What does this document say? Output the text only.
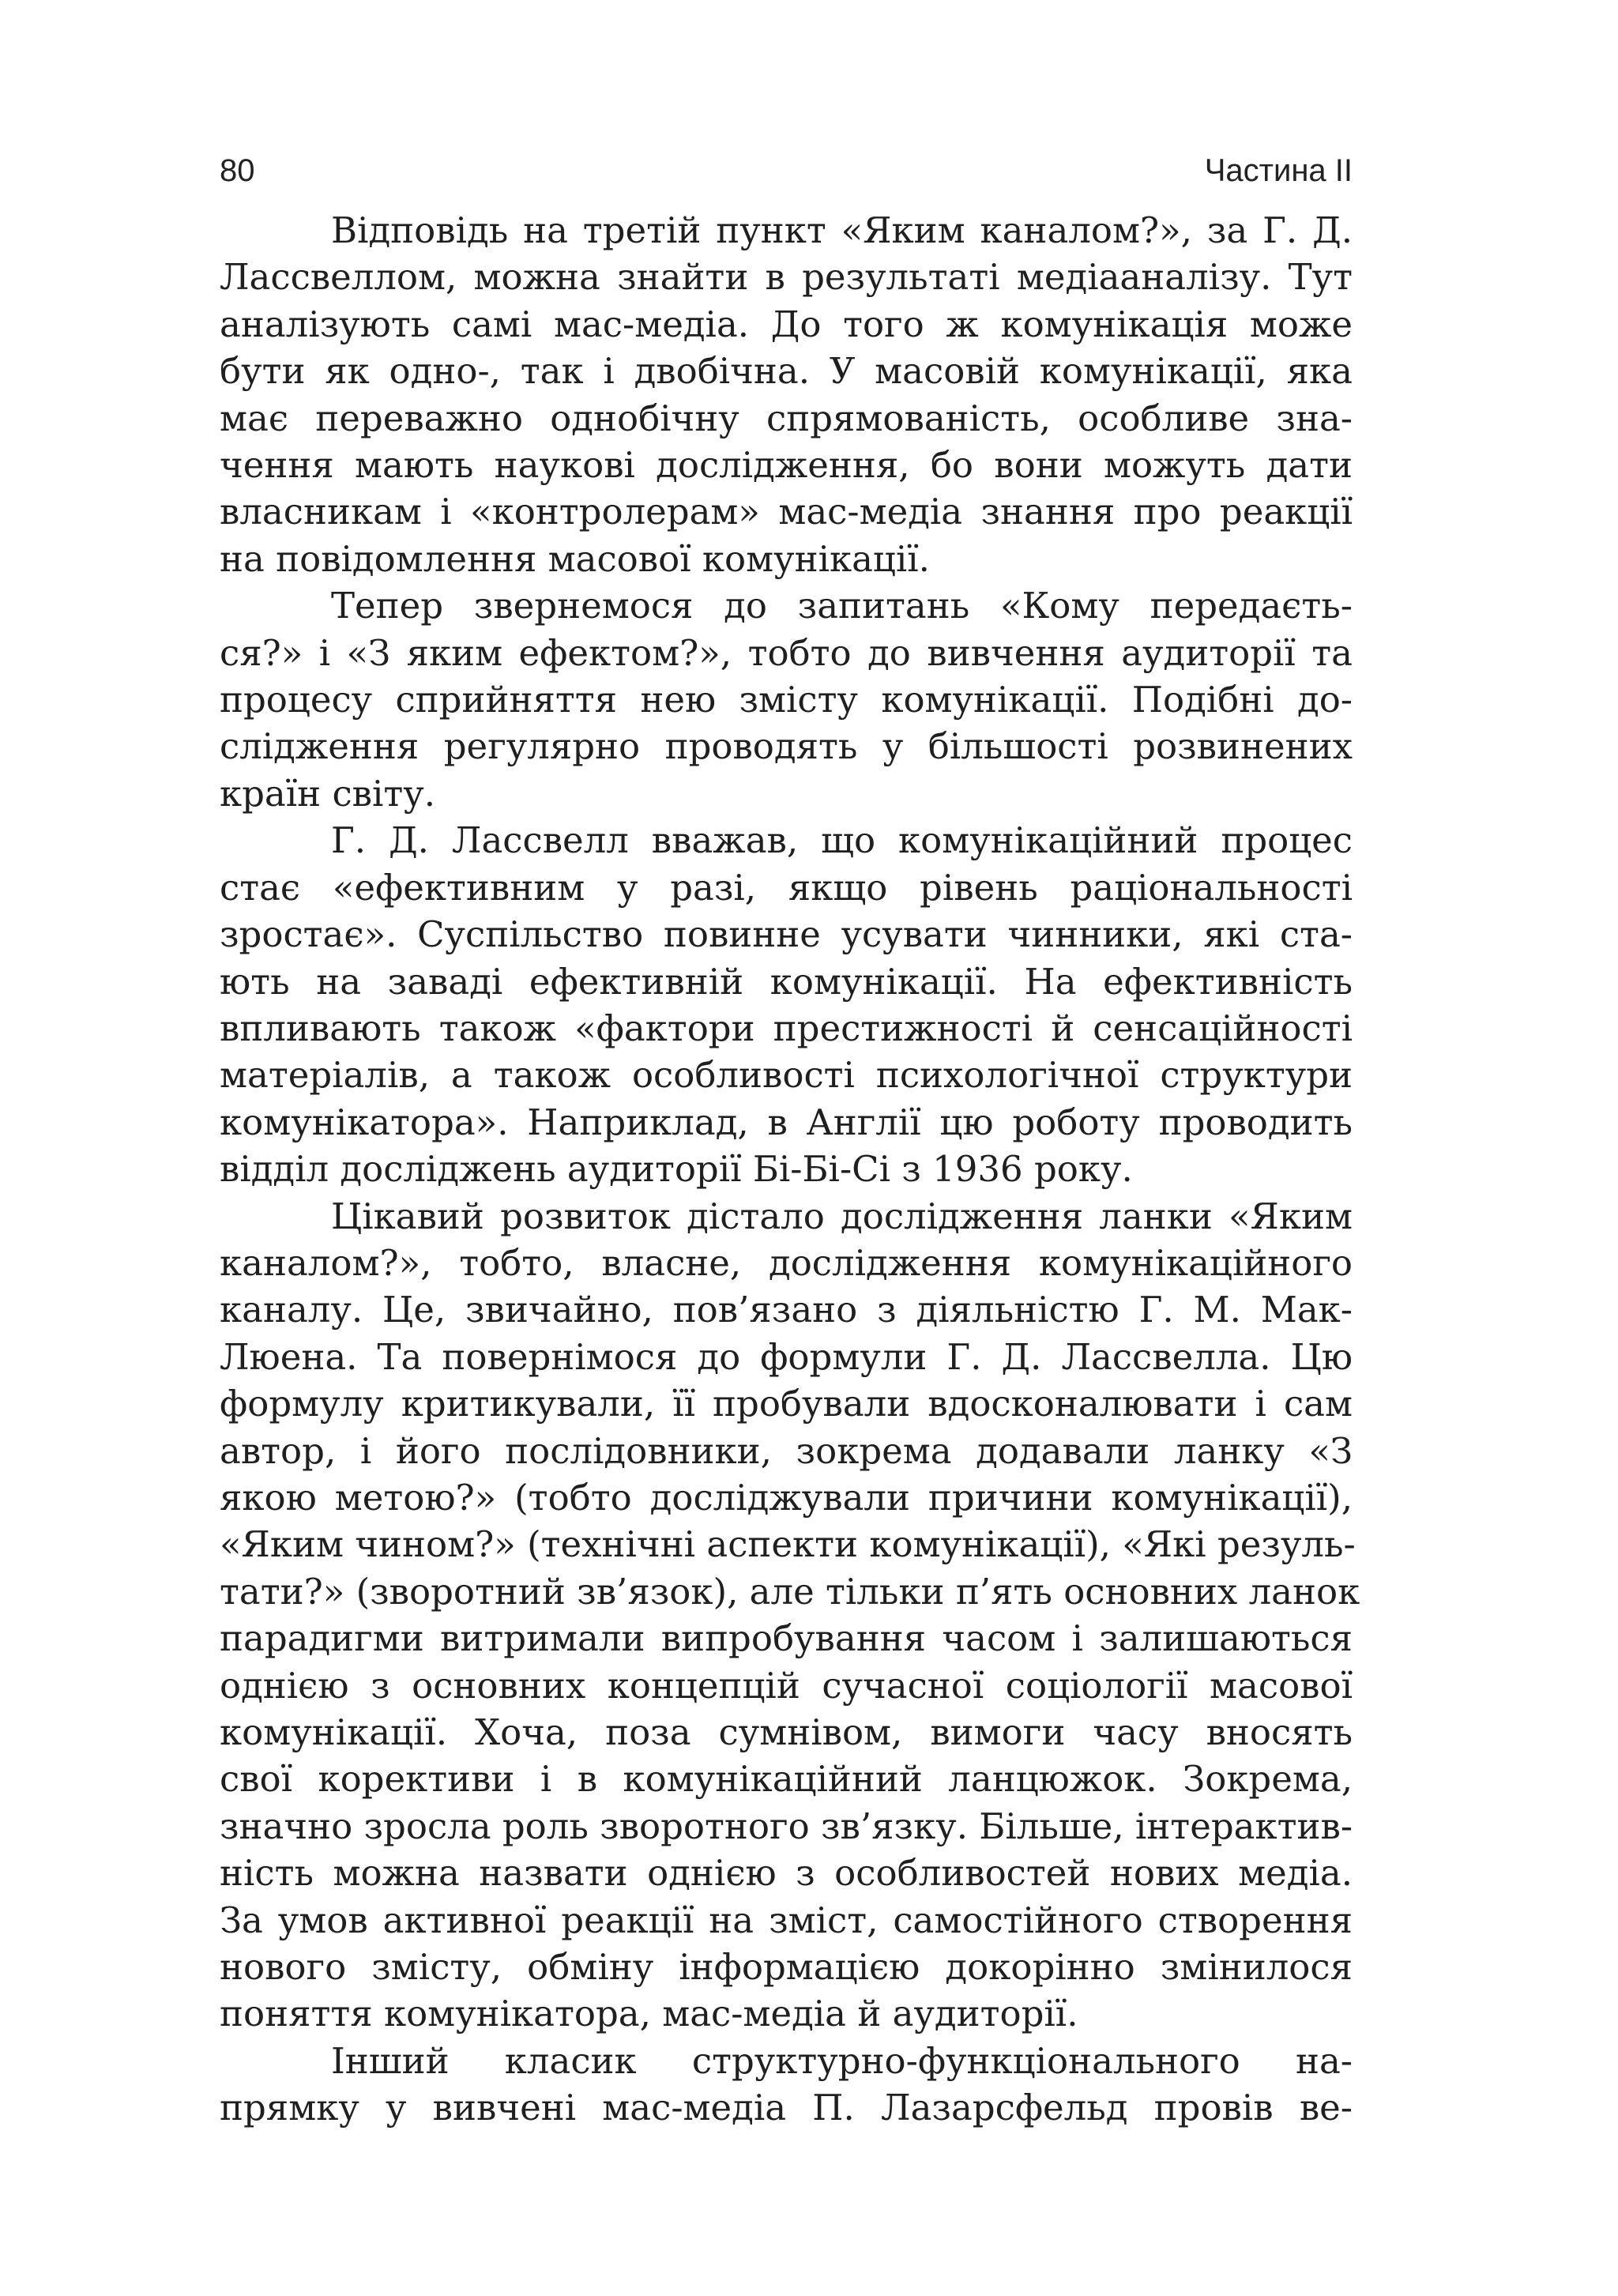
80	Частина II

Відповідь на третій пункт «Яким каналом?», за Г. Д.
Лассвеллом, можна знайти в результаті медіааналізу. Тут
аналізують самі мас-медіа. До того ж комунікація може
бути як одно-, так і двобічна. У масовій комунікації, яка
має переважно однобічну спрямованість, особливе зна-
чення мають наукові дослідження, бо вони можуть дати
власникам і «контролерам» мас-медіа знання про реакції
на повідомлення масової комунікації.

Тепер звернемося до запитань «Кому передаєть-
ся?» і «З яким ефектом?», тобто до вивчення аудиторії та
процесу сприйняття нею змісту комунікації. Подібні до-
слідження регулярно проводять у більшості розвинених
країн світу.

Г. Д. Лассвелл вважав, що комунікаційний процес
стає «ефективним у разі, якщо рівень раціональності
зростає». Суспільство повинне усувати чинники, які ста-
ють на заваді ефективній комунікації. На ефективність
впливають також «фактори престижності й сенсаційності
матеріалів, а також особливості психологічної структури
комунікатора». Наприклад, в Англії цю роботу проводить
відділ досліджень аудиторії Бі-Бі-Сі з 1936 року.

Цікавий розвиток дістало дослідження ланки «Яким
каналом?», тобто, власне, дослідження комунікаційного
каналу. Це, звичайно, пов’язано з діяльністю Г. М. Мак-
Люена. Та повернімося до формули Г. Д. Лассвелла. Цю
формулу критикували, її пробували вдосконалювати і сам
автор, і його послідовники, зокрема додавали ланку «З
якою метою?» (тобто досліджували причини комунікації),
«Яким чином?» (технічні аспекти комунікації), «Які резуль-
тати?» (зворотний зв’язок), але тільки п’ять основних ланок
парадигми витримали випробування часом і залишаються
однією з основних концепцій сучасної соціології масової
комунікації. Хоча, поза сумнівом, вимоги часу вносять
свої корективи і в комунікаційний ланцюжок. Зокрема,
значно зросла роль зворотного зв’язку. Більше, інтерактив-
ність можна назвати однією з особливостей нових медіа.
За умов активної реакції на зміст, самостійного створення
нового змісту, обміну інформацією докорінно змінилося
поняття комунікатора, мас-медіа й аудиторії.

Інший класик структурно-функціонального на-
прямку у вивчені мас-медіа П. Лазарсфельд провів ве-
